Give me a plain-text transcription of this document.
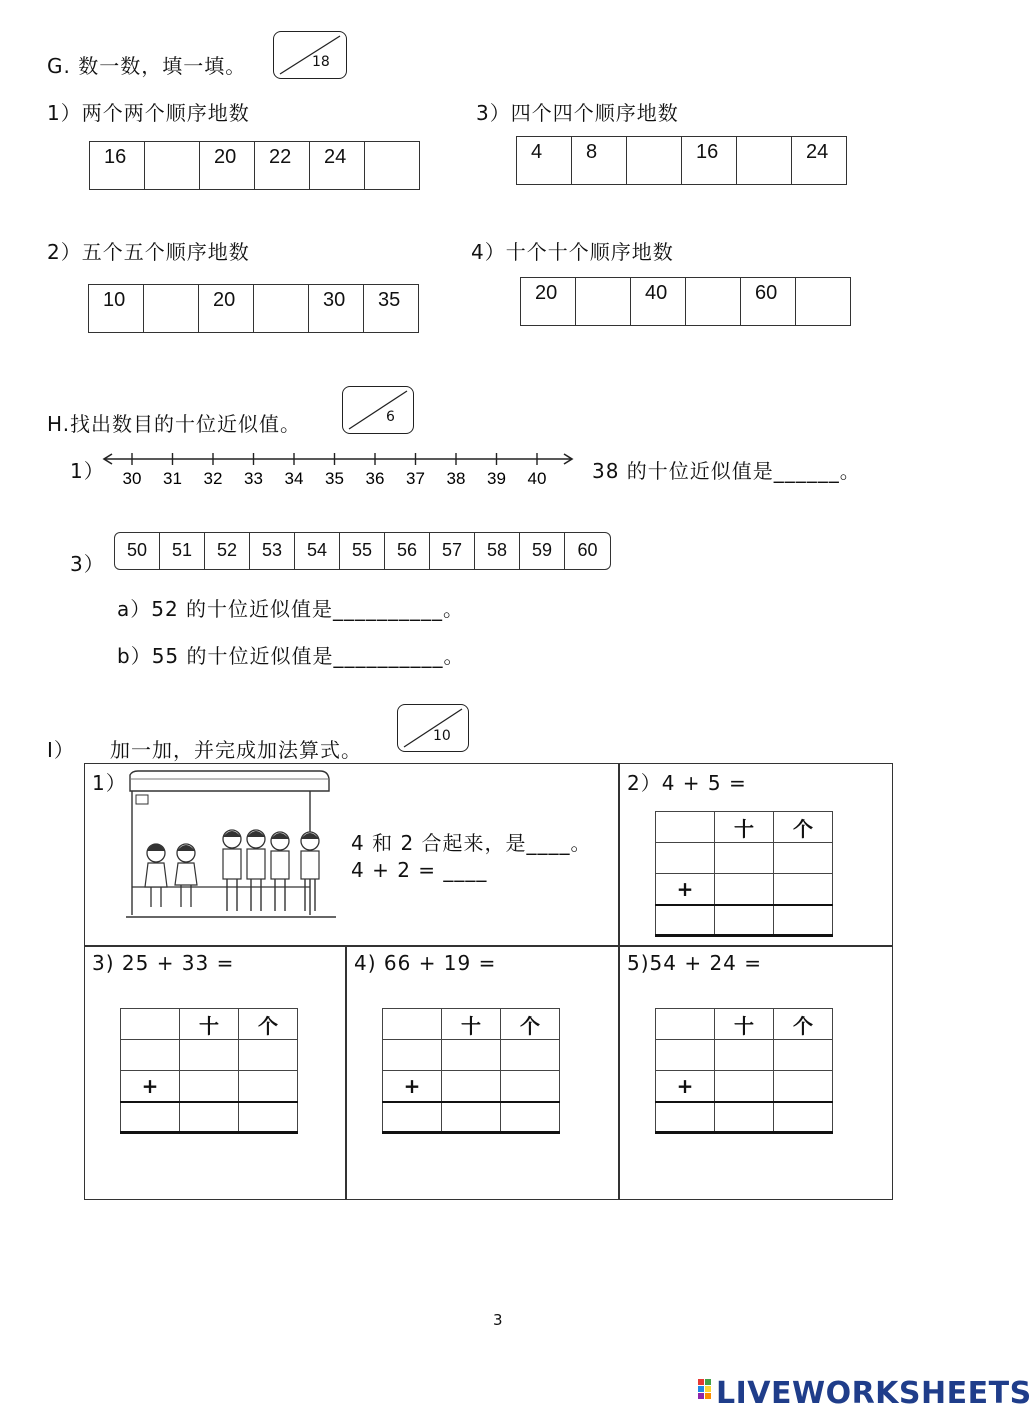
G. 数一数，填一填。	18
1）两个两个顺序地数
16		20	22	24	
3）四个四个顺序地数
4	8		16		24
2）五个五个顺序地数
10		20		30	35
4）十个十个顺序地数
20		40		60	
H.找出数目的十位近似值。	6
1） 30 31 32 33 34 35 36 37 38 39 40 38 的十位近似值是______。
3）
50	51	52	53	54	55	56	57	58	59	60
a）52 的十位近似值是__________。
b）55 的十位近似值是__________。
I） 加一加，并完成加法算式。
10
1）
4 和 2 合起来，是____。
4 + 2 = ____
2）4 + 5 =
	十	个

+		

3) 25 + 33 =
	十	个

+		

4) 66 + 19 =
	十	个

+		

5)54 + 24 =
	十	个

+		

3
LIVEWORKSHEETS
